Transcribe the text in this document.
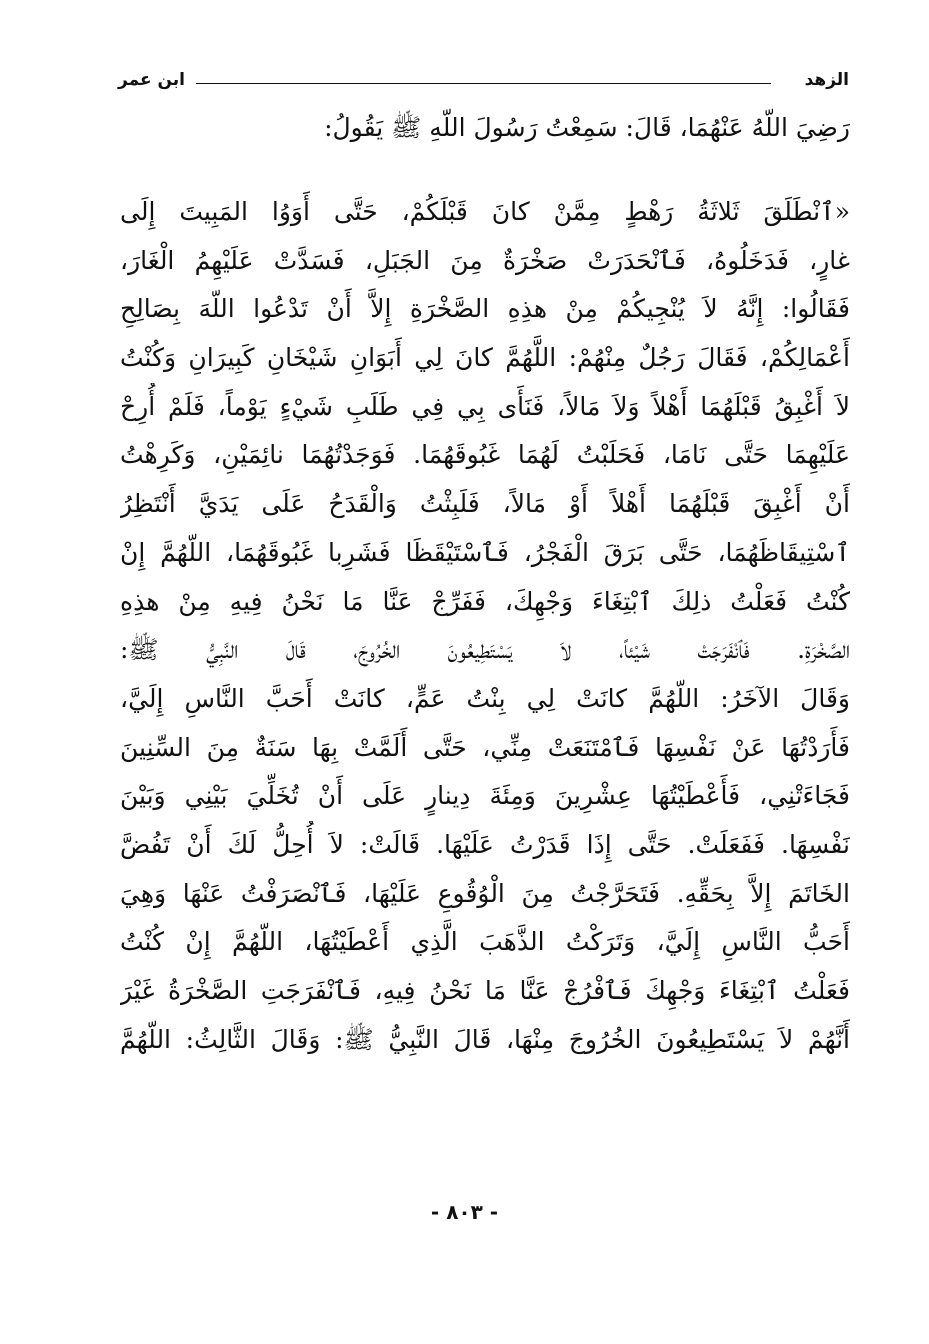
الزهد
ابن عمر
رَضِيَ اللّهُ عَنْهُمَا، قَالَ: سَمِعْتُ رَسُولَ اللّهِ ﷺ يَقُولُ:
«ٱنْطَلَقَ ثَلاثَةُ رَهْطٍ مِمَّنْ كانَ قَبْلَكُمْ، حَتَّى أَوَوُا المَبِيتَ إِلَى
غارٍ، فَدَخَلُوهُ، فَٱنْحَدَرَتْ صَخْرَةٌ مِنَ الجَبَلِ، فَسَدَّتْ عَلَيْهِمُ الْغَارَ،
فَقَالُوا: إِنَّهُ لاَ يُنْجِيكُمْ مِنْ هذِهِ الصَّخْرَةِ إِلاَّ أَنْ تَدْعُوا اللّهَ بِصَالِحِ
أَعْمَالِكُمْ، فَقَالَ رَجُلٌ مِنْهُمْ: اللَّهُمَّ كانَ لِي أَبَوَانِ شَيْخَانِ كَبِيرَانِ وَكُنْتُ
لاَ أَغْبِقُ قَبْلَهُمَا أَهْلاً وَلاَ مَالاً، فَنَأَى بِي فِي طَلَبِ شَيْءٍ يَوْماً، فَلَمْ أُرِحْ
عَلَيْهِمَا حَتَّى نَامَا، فَحَلَبْتُ لَهُمَا غَبُوقَهُمَا. فَوَجَدْتُهُمَا نائِمَيْنِ، وَكَرِهْتُ
أَنْ أَغْبِقَ قَبْلَهُمَا أَهْلاً أَوْ مَالاً، فَلَبِثْتُ وَالْقَدَحُ عَلَى يَدَيَّ أَنْتَظِرُ
ٱسْتِيقَاظَهُمَا، حَتَّى بَرَقَ الْفَجْرُ، فَٱسْتَيْقَظَا فَشَرِبا غَبُوقَهُمَا، اللّهُمَّ إِنْ
كُنْتُ فَعَلْتُ ذلِكَ ٱبْتِغَاءَ وَجْهِكَ، فَفَرِّجْ عَنَّا مَا نَحْنُ فِيهِ مِنْ هذِهِ
الصَّخْرَةِ. فَٱنْفَرَجَتْ شَيْئاً، لاَ يَسْتَطِيعُونَ الخُرُوجَ، قَالَ النَّبِيُّ ﷺ:
وَقَالَ الآخَرُ: اللّهُمَّ كانَتْ لِي بِنْتُ عَمٍّ، كانَتْ أَحَبَّ النَّاسِ إِلَيَّ،
فَأَرَدْتُهَا عَنْ نَفْسِهَا فَٱمْتَنَعَتْ مِنِّي، حَتَّى أَلَمَّتْ بِهَا سَنَةٌ مِنَ السِّنِينَ
فَجَاءَتْنِي، فَأَعْطَيْتُهَا عِشْرِينَ وَمِئَةَ دِينارٍ عَلَى أَنْ تُخَلِّيَ بَيْنِي وَبَيْنَ
نَفْسِهَا. فَفَعَلَتْ. حَتَّى إِذَا قَدَرْتُ عَلَيْهَا. قَالَتْ: لاَ أُحِلُّ لَكَ أَنْ تَفُضَّ
الخَاتَمَ إِلاَّ بِحَقِّهِ. فَتَحَرَّجْتُ مِنَ الْوُقُوعِ عَلَيْهَا، فَٱنْصَرَفْتُ عَنْهَا وَهِيَ
أَحَبُّ النَّاسِ إِلَيَّ، وَتَرَكْتُ الذَّهَبَ الَّذِي أَعْطَيْتُهَا، اللّهُمَّ إِنْ كُنْتُ
فَعَلْتُ ٱبْتِغَاءَ وَجْهِكَ فَٱفْرُجْ عَنَّا مَا نَحْنُ فِيهِ، فَٱنْفَرَجَتِ الصَّخْرَةُ غَيْرَ
أَنَّهُمْ لاَ يَسْتَطِيعُونَ الخُرُوجَ مِنْهَا، قَالَ النَّبِيُّ ﷺ: وَقَالَ الثَّالِثُ: اللّهُمَّ
- ٨٠٣ -
